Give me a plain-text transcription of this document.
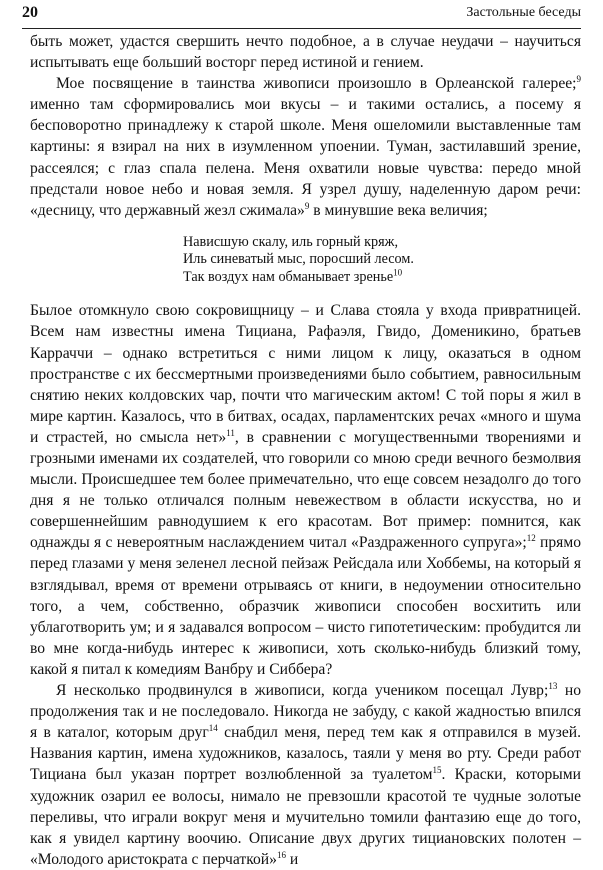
20	Застольные беседы

быть может, удастся свершить нечто подобное, а в случае неудачи – научиться испытывать еще больший восторг перед истиной и гением.

Мое посвящение в таинства живописи произошло в Орлеанской галерее;$^9$ именно там сформировались мои вкусы – и такими остались, а посему я бесповоротно принадлежу к старой школе. Меня ошеломили выставленные там картины: я взирал на них в изумленном упоении. Туман, застилавший зрение, рассеялся; с глаз спала пелена. Меня охватили новые чувства: передо мной предстали новое небо и новая земля. Я узрел душу, наделенную даром речи: «десницу, что державный жезл сжимала»$^9$ в минувшие века величия;

Нависшую скалу, иль горный кряж,
Иль синеватый мыс, поросший лесом.
Так воздух нам обманывает зренье$^{10}$

Былое отомкнуло свою сокровищницу – и Слава стояла у входа привратницей. Всем нам известны имена Тициана, Рафаэля, Гвидо, Доменикино, братьев Карраччи – однако встретиться с ними лицом к лицу, оказаться в одном пространстве с их бессмертными произведениями было событием, равносильным снятию неких колдовских чар, почти что магическим актом! С той поры я жил в мире картин. Казалось, что в битвах, осадах, парламентских речах «много и шума и страстей, но смысла нет»$^{11}$, в сравнении с могущественными творениями и грозными именами их создателей, что говорили со мною среди вечного безмолвия мысли. Происшедшее тем более примечательно, что еще совсем незадолго до того дня я не только отличался полным невежеством в области искусства, но и совершеннейшим равнодушием к его красотам. Вот пример: помнится, как однажды я с невероятным наслаждением читал «Раздраженного супруга»;$^{12}$ прямо перед глазами у меня зеленел лесной пейзаж Рейсдала или Хоббемы, на который я взглядывал, время от времени отрываясь от книги, в недоумении относительно того, а чем, собственно, образчик живописи способен восхитить или ублаготворить ум; и я задавался вопросом – чисто гипотетическим: пробудится ли во мне когда-нибудь интерес к живописи, хоть сколько-нибудь близкий тому, какой я питал к комедиям Ванбру и Сиббера?

Я несколько продвинулся в живописи, когда учеником посещал Лувр;$^{13}$ но продолжения так и не последовало. Никогда не забуду, с какой жадностью впился я в каталог, которым друг$^{14}$ снабдил меня, перед тем как я отправился в музей. Названия картин, имена художников, казалось, таяли у меня во рту. Среди работ Тициана был указан портрет возлюбленной за туалетом$^{15}$. Краски, которыми художник озарил ее волосы, нимало не превзошли красотой те чудные золотые переливы, что играли вокруг меня и мучительно томили фантазию еще до того, как я увидел картину воочию. Описание двух других тициановских полотен – «Молодого аристократа с перчаткой»$^{16}$ и
